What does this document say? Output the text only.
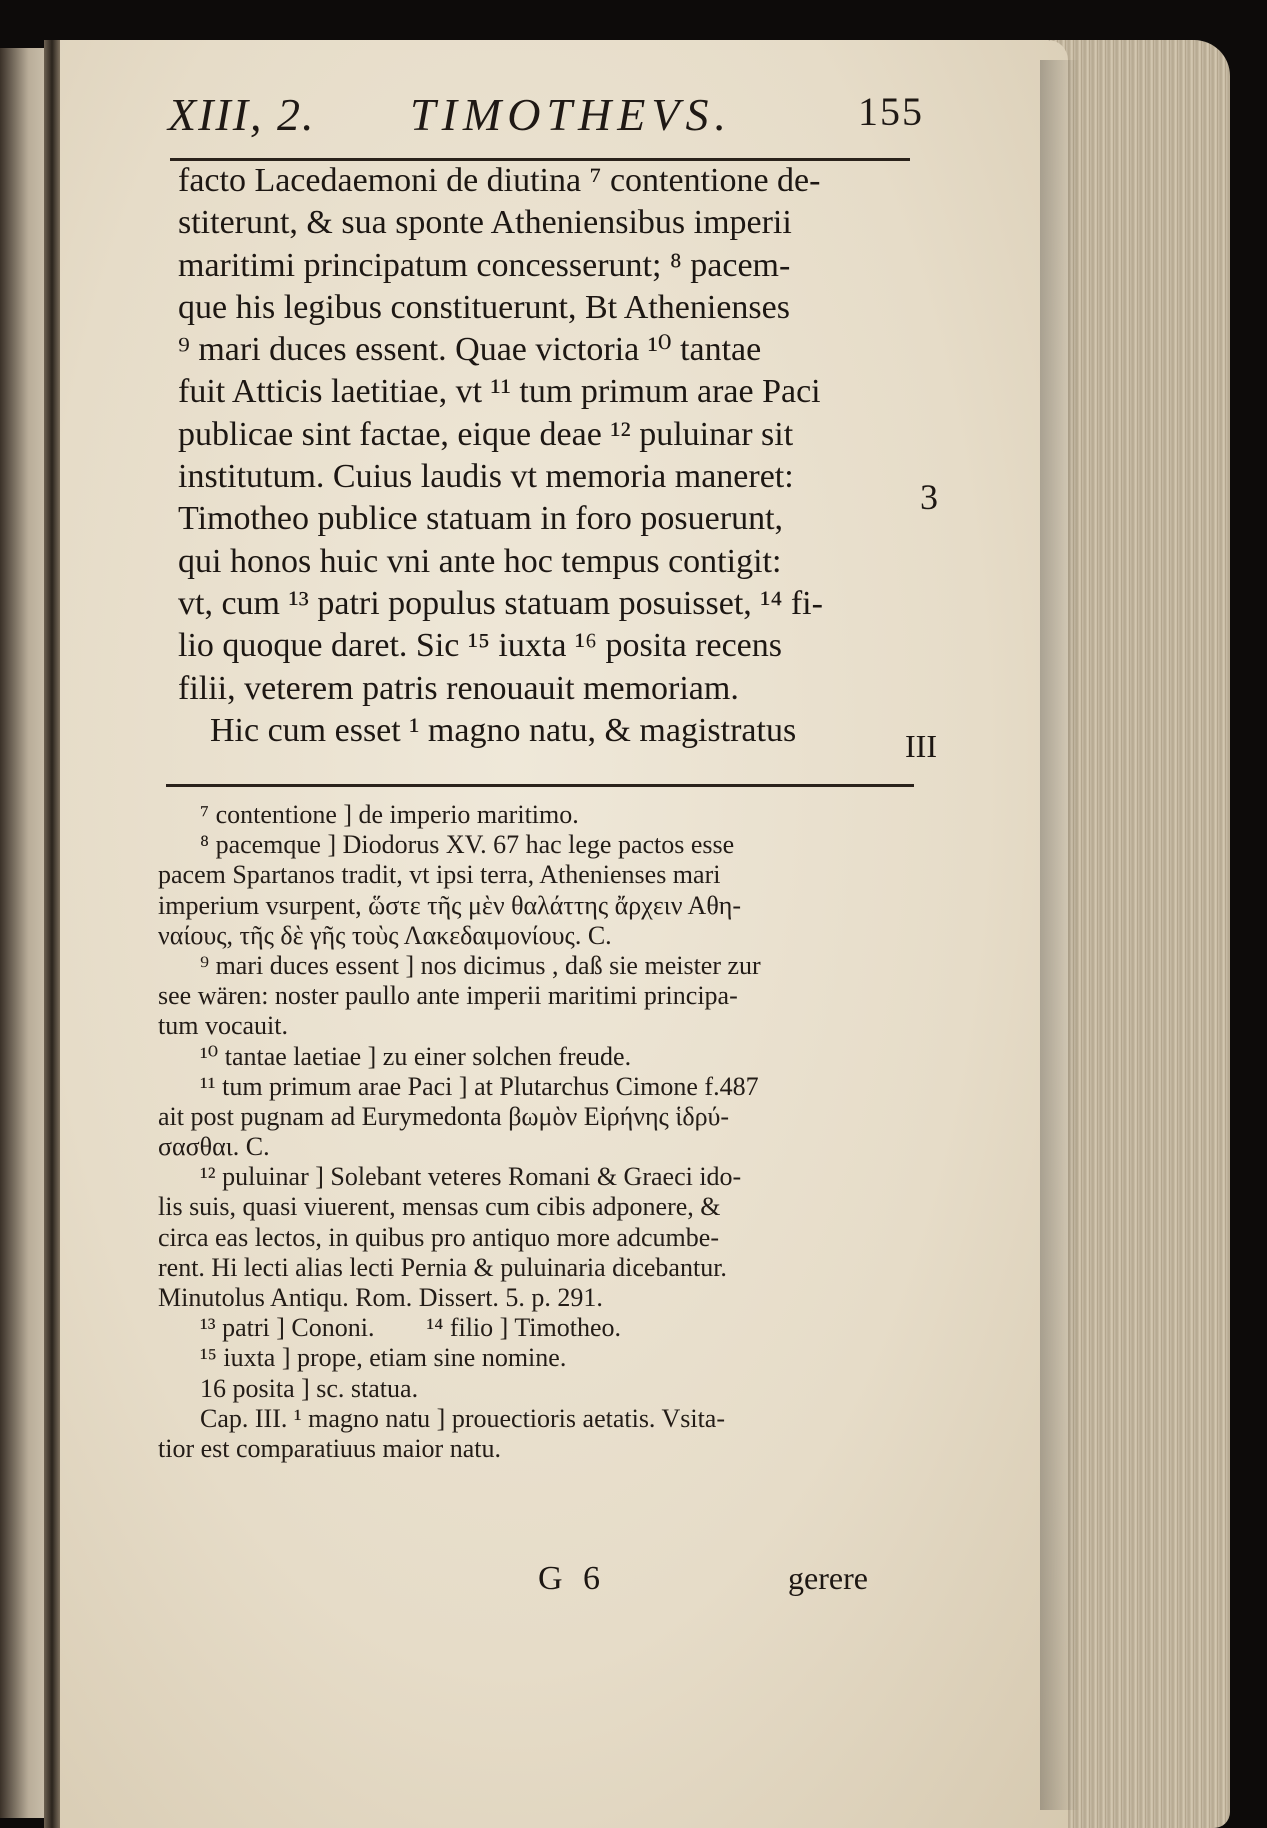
XIII, 2. TIMOTHEVS.	155
facto Lacedaemoni de diutina ⁷ contentione de-
stiterunt, & sua sponte Atheniensibus imperii
maritimi principatum concesserunt; ⁸ pacem-
que his legibus constituerunt, Bt Athenienses
⁹ mari duces essent. Quae victoria ¹⁰ tantae
fuit Atticis laetitiae, vt ¹¹ tum primum arae Paci
publicae sint factae, eique deae ¹² puluinar sit
institutum. Cuius laudis vt memoria maneret:
Timotheo publice statuam in foro posuerunt,
qui honos huic vni ante hoc tempus contigit:
vt, cum ¹³ patri populus statuam posuisset, ¹⁴ fi-
lio quoque daret. Sic ¹⁵ iuxta ¹⁶ posita recens
filii, veterem patris renouauit memoriam.
Hic cum esset ¹ magno natu, & magistratus
3
III
⁷ contentione ] de imperio maritimo.
⁸ pacemque ] Diodorus XV. 67 hac lege pactos esse
pacem Spartanos tradit, vt ipsi terra, Athenienses mari
imperium vsurpent, ὥστε τῆς μὲν θαλάττης ἄρχειν Αθη-
ναίους, τῆς δὲ γῆς τοὺς Λακεδαιμονίους. C.
⁹ mari duces essent ] nos dicimus , daß sie meister zur
see wären: noster paullo ante imperii maritimi principa-
tum vocauit.
¹⁰ tantae laetiae ] zu einer solchen freude.
¹¹ tum primum arae Paci ] at Plutarchus Cimone f.487
ait post pugnam ad Eurymedonta βωμὸν Εἰρήνης ἱδρύ-
σασθαι. C.
¹² puluinar ] Solebant veteres Romani & Graeci ido-
lis suis, quasi viuerent, mensas cum cibis adponere, &
circa eas lectos, in quibus pro antiquo more adcumbe-
rent. Hi lecti alias lecti Pernia & puluinaria dicebantur.
Minutolus Antiqu. Rom. Dissert. 5. p. 291.
¹³ patri ] Cononi.        ¹⁴ filio ] Timotheo.
¹⁵ iuxta ] prope, etiam sine nomine.
16 posita ] sc. statua.
Cap. III. ¹ magno natu ] prouectioris aetatis. Vsita-
tior est comparatiuus maior natu.
G 6	gerere
